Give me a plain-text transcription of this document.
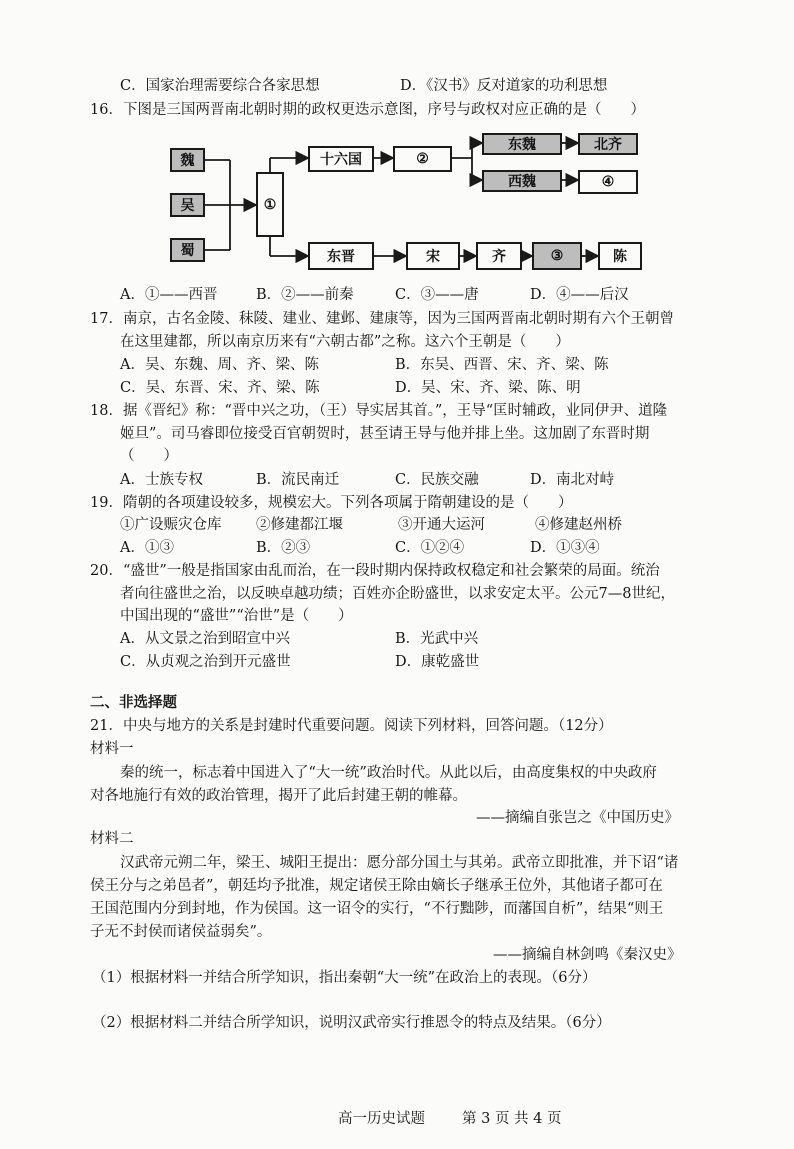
C．国家治理需要综合各家思想	D．《汉书》反对道家的功利思想
16．下图是三国两晋南北朝时期的政权更迭示意图，序号与政权对应正确的是（　　）
魏
吴
蜀
①
十六国	②
东魏	北齐
西魏	④
东晋	宋	齐	③	陈
A．①——西晋	B．②——前秦	C．③——唐	D．④——后汉
17．南京，古名金陵、秣陵、建业、建邺、建康等，因为三国两晋南北朝时期有六个王朝曾
在这里建都，所以南京历来有“六朝古都”之称。这六个王朝是（　　）
A．吴、东魏、周、齐、梁、陈	B．东吴、西晋、宋、齐、梁、陈
C．吴、东晋、宋、齐、梁、陈	D．吴、宋、齐、梁、陈、明
18．据《晋纪》称：“晋中兴之功，（王）导实居其首。”，王导“匡时辅政，业同伊尹、道隆
姬旦”。司马睿即位接受百官朝贺时，甚至请王导与他并排上坐。这加剧了东晋时期
（　　）
A．士族专权	B．流民南迁	C．民族交融	D．南北对峙
19．隋朝的各项建设较多，规模宏大。下列各项属于隋朝建设的是（　　）
①广设赈灾仓库 ②修建都江堰	③开通大运河	④修建赵州桥
A．①③	B．②③	C．①②④	D．①③④
20．“盛世”一般是指国家由乱而治，在一段时期内保持政权稳定和社会繁荣的局面。统治
者向往盛世之治，以反映卓越功绩；百姓亦企盼盛世，以求安定太平。公元7—8世纪，
中国出现的“盛世”“治世”是（　　）
A．从文景之治到昭宣中兴	B．光武中兴
C．从贞观之治到开元盛世	D．康乾盛世
二、非选择题
21．中央与地方的关系是封建时代重要问题。阅读下列材料，回答问题。（12分）
材料一
秦的统一，标志着中国进入了“大一统”政治时代。从此以后，由高度集权的中央政府
对各地施行有效的政治管理，揭开了此后封建王朝的帷幕。
——摘编自张岂之《中国历史》
材料二
汉武帝元朔二年，梁王、城阳王提出：愿分部分国土与其弟。武帝立即批准，并下诏“诸
侯王分与之弟邑者”，朝廷均予批准，规定诸侯王除由嫡长子继承王位外，其他诸子都可在
王国范围内分到封地，作为侯国。这一诏令的实行，“不行黜陟，而藩国自析”，结果“则王
子无不封侯而诸侯益弱矣”。
——摘编自林剑鸣《秦汉史》
（1）根据材料一并结合所学知识，指出秦朝“大一统”在政治上的表现。（6分）
（2）根据材料二并结合所学知识，说明汉武帝实行推恩令的特点及结果。（6分）
高一历史试题	第 3 页 共 4 页
